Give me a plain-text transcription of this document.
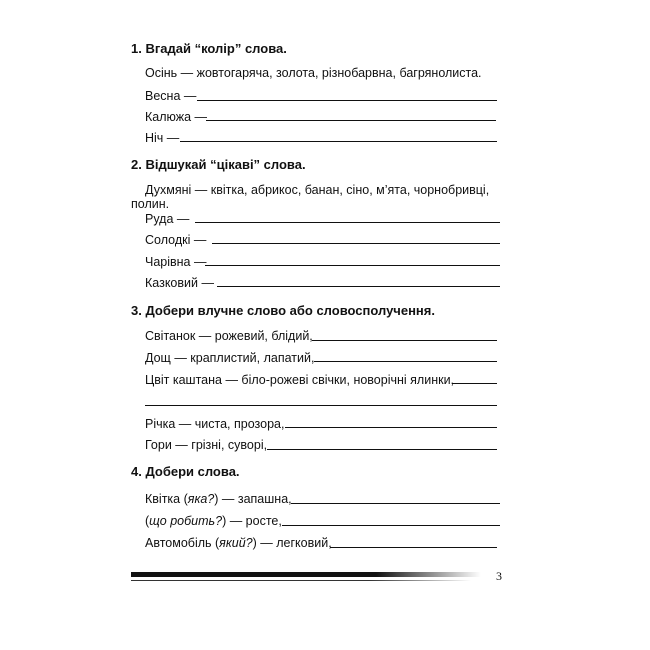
1. Вгадай “колір” слова.
Осінь — жовтогаряча, золота, різнобарвна, багрянолиста.
Весна —
Калюжа —
Ніч —
2. Відшукай “цікаві” слова.
Духмяні — квітка, абрикос, банан, сіно, м’ята, чорнобривці,
полин.
Руда —
Солодкі —
Чарівна —
Казковий —
3. Добери влучне слово або словосполучення.
Світанок — рожевий, блідий,
Дощ — краплистий, лапатий,
Цвіт каштана — біло-рожеві свічки, новорічні ялинки,
Річка — чиста, прозора,
Гори — грізні, суворі,
4. Добери слова.
Квітка (яка?) — запашна,
(що робить?) — росте,
Автомобіль (який?) — легковий,
3
